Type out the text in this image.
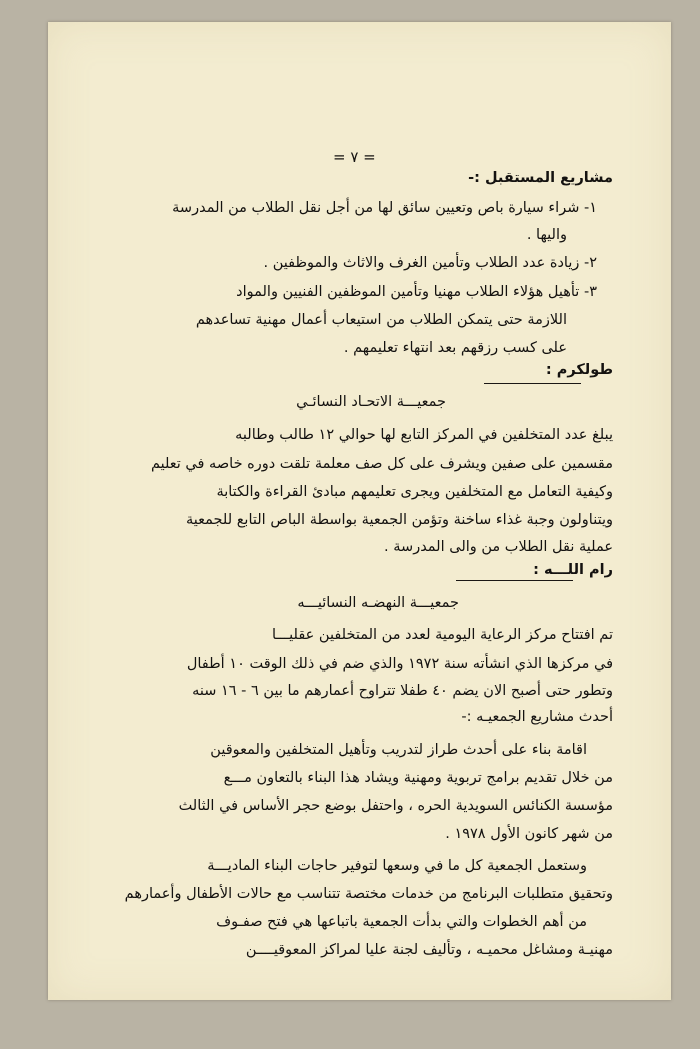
= ٧ =
مشاريع المستقبل :-
١- شراء سيارة باص وتعيين سائق لها من أجل نقل الطلاب من المدرسة
واليها .
٢- زيادة عدد الطلاب وتأمين الغرف والاثاث والموظفين .
٣- تأهيل هؤلاء الطلاب مهنيا وتأمين الموظفين الفنيين والمواد
اللازمة حتى يتمكن الطلاب من استيعاب أعمال مهنية تساعدهم
على كسب رزقهم بعد انتهاء تعليمهم .
طولكرم :
جمعيـــة الاتحـاد النسائـي
يبلغ عدد المتخلفين في المركز التابع لها حوالي ١٢ طالب وطالبه
مقسمين على صفين ويشرف على كل صف معلمة تلقت دوره خاصه في تعليم
وكيفية التعامل مع المتخلفين ويجرى تعليمهم مبادئ القراءة والكتابة
ويتناولون وجبة غذاء ساخنة وتؤمن الجمعية بواسطة الباص التابع للجمعية
عملية نقل الطلاب من والى المدرسة .
رام اللـــه :
جمعيـــة النهضـه النسائيـــه
تم افتتاح مركز الرعاية اليومية لعدد من المتخلفين عقليـــا
في مركزها الذي انشأته سنة ١٩٧٢ والذي ضم في ذلك الوقت ١٠ أطفال
وتطور حتى أصبح الان يضم ٤٠ طفلا تتراوح أعمارهم ما بين ٦ - ١٦ سنه
أحدث مشاريع الجمعيـه :-
اقامة بناء على أحدث طراز لتدريب وتأهيل المتخلفين والمعوقين
من خلال تقديم برامج تربوية ومهنية ويشاد هذا البناء بالتعاون مـــع
مؤسسة الكنائس السويدية الحره ، واحتفل بوضع حجر الأساس في الثالث
من شهر كانون الأول ١٩٧٨ .
وستعمل الجمعية كل ما في وسعها لتوفير حاجات البناء الماديـــة
وتحقيق متطلبات البرنامج من خدمات مختصة تتناسب مع حالات الأطفال وأعمارهم
من أهم الخطوات والتي بدأت الجمعية باتباعها هي فتح صفـوف
مهنيـة ومشاغل محميـه ، وتأليف لجنة عليا لمراكز المعوقيــــن
